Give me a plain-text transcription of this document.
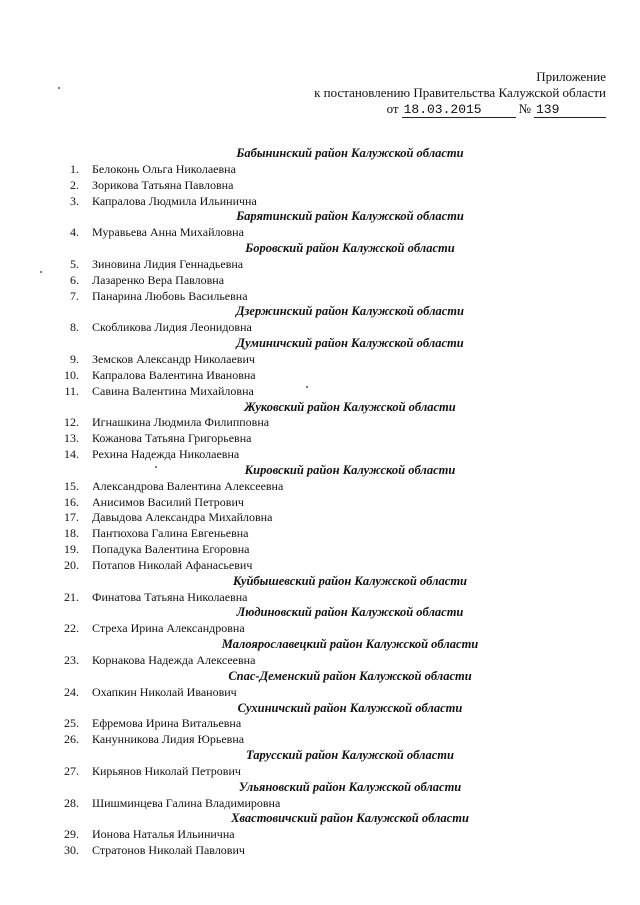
Приложение
к постановлению Правительства Калужской области
от 18.03.2015	№ 139
Бабынинский район Калужской области
1. Белоконь Ольга Николаевна
2. Зорикова Татьяна Павловна
3. Капралова Людмила Ильинична
Барятинский район Калужской области
4. Муравьева Анна Михайловна
Боровский район Калужской области
5. Зиновина Лидия Геннадьевна
6. Лазаренко Вера Павловна
7. Панарина Любовь Васильевна
Дзержинский район Калужской области
8. Скобликова Лидия Леонидовна
Думиничский район Калужской области
9. Земсков Александр Николаевич
10. Капралова Валентина Ивановна
11. Савина Валентина Михайловна
Жуковский район Калужской области
12. Игнашкина Людмила Филипповна
13. Кожанова Татьяна Григорьевна
14. Рехина Надежда Николаевна
Кировский район Калужской области
15. Александрова Валентина Алексеевна
16. Анисимов Василий Петрович
17. Давыдова Александра Михайловна
18. Пантюхова Галина Евгеньевна
19. Попадука Валентина Егоровна
20. Потапов Николай Афанасьевич
Куйбышевский район Калужской области
21. Финатова Татьяна Николаевна
Людиновский район Калужской области
22. Стреха Ирина Александровна
Малоярославецкий район Калужской области
23. Корнакова Надежда Алексеевна
Спас-Деменский район Калужской области
24. Охапкин Николай Иванович
Сухиничский район Калужской области
25. Ефремова Ирина Витальевна
26. Канунникова Лидия Юрьевна
Тарусский район Калужской области
27. Кирьянов Николай Петрович
Ульяновский район Калужской области
28. Шишминцева Галина Владимировна
Хвастовичский район Калужской области
29. Ионова Наталья Ильинична
30. Стратонов Николай Павлович
